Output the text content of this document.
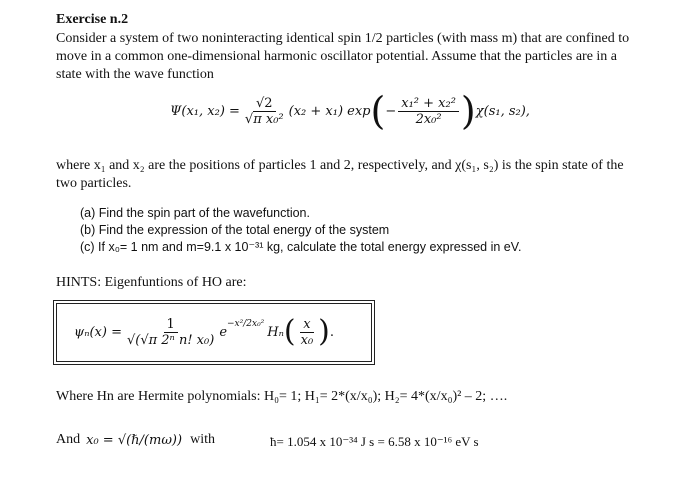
Exercise n.2
Consider a system of two noninteracting identical spin 1/2 particles (with mass m) that are confined to move in a common one-dimensional harmonic oscillator potential. Assume that the particles are in a state with the wave function
Ψ(x₁, $x_2) = \frac{√2}{\text{√π x₀²}} (x_2 + x_1)$ exp ( − $\frac{\text{x₁² + x₂²}}{\text{2x₀²}}$ ) χ(s₁, s₂),
where x₁ and x₂ are the positions of particles 1 and 2, respectively, and χ(s₁, s₂) is the spin state of the two particles.
(a) Find the spin part of the wavefunction.
(b) Find the expression of the total energy of the system
(c) If x₀= 1 nm and m=9.1 x 10⁻³¹ kg, calculate the total energy expressed in eV.
HINTS: Eigenfuntions of HO are:
$\psi_n(x) = \frac{1}{\text{√(√π 2ⁿ n! x₀)}}$ e
$^{-x^2/2x_0^2}$
Hₙ ( $\frac{x}{\text{x₀}}$ ) .
Where Hn are Hermite polynomials: H₀= 1; H₁= 2*(x/x₀); H₂= 4*(x/x₀)² – 2; ….
And x₀ = √(ℏ/(mω)) with	ħ= 1.054 x 10⁻³⁴ J s = 6.58 x 10⁻¹⁶ eV s
